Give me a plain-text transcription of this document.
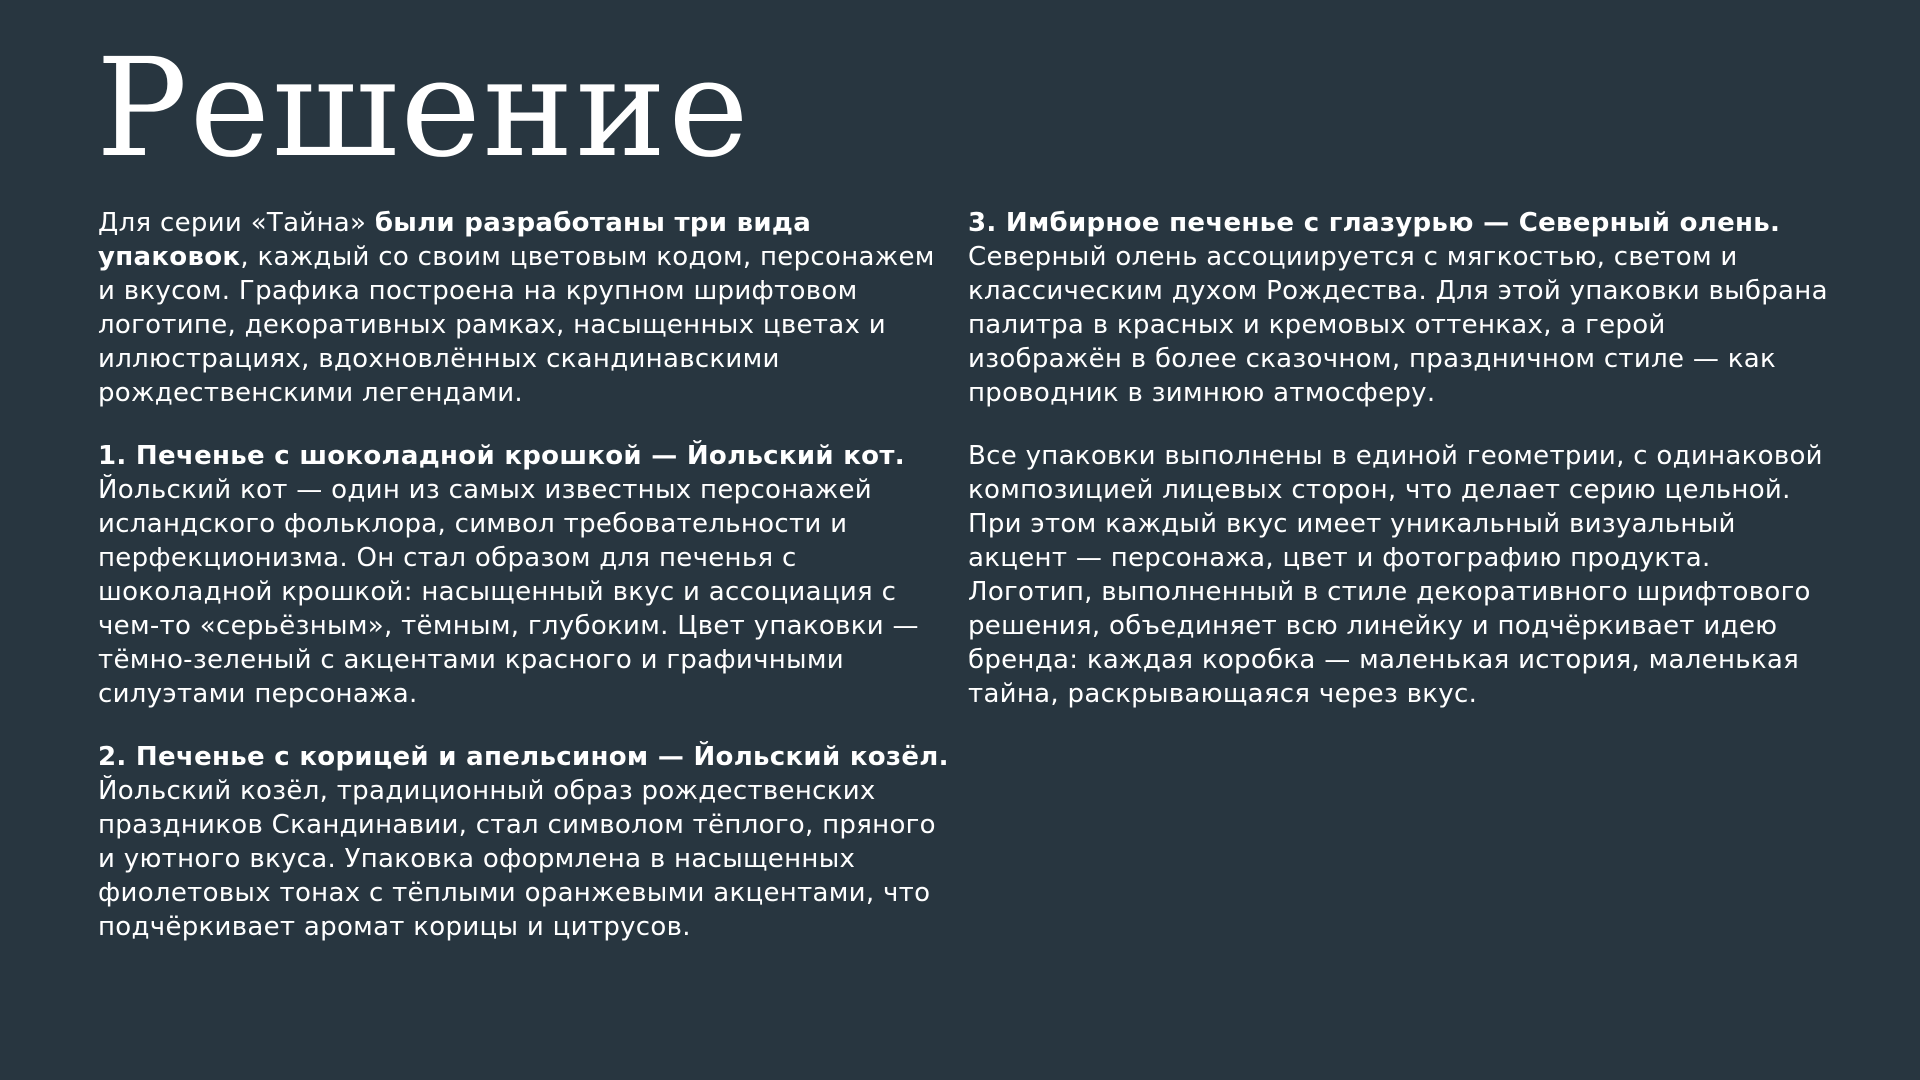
Решение

Для серии «Тайна» были разработаны три вида упаковок, каждый со своим цветовым кодом, персонажем и вкусом. Графика построена на крупном шрифтовом логотипе, декоративных рамках, насыщенных цветах и иллюстрациях, вдохновлённых скандинавскими рождественскими легендами.

1. Печенье с шоколадной крошкой — Йольский кот.
Йольский кот — один из самых известных персонажей исландского фольклора, символ требовательности и перфекционизма. Он стал образом для печенья с шоколадной крошкой: насыщенный вкус и ассоциация с чем-то «серьёзным», тёмным, глубоким. Цвет упаковки — тёмно-зеленый с акцентами красного и графичными силуэтами персонажа.

2. Печенье с корицей и апельсином — Йольский козёл.
Йольский козёл, традиционный образ рождественских праздников Скандинавии, стал символом тёплого, пряного и уютного вкуса. Упаковка оформлена в насыщенных фиолетовых тонах с тёплыми оранжевыми акцентами, что подчёркивает аромат корицы и цитрусов.

3. Имбирное печенье с глазурью — Северный олень.
Северный олень ассоциируется с мягкостью, светом и классическим духом Рождества. Для этой упаковки выбрана палитра в красных и кремовых оттенках, а герой изображён в более сказочном, праздничном стиле — как проводник в зимнюю атмосферу.

Все упаковки выполнены в единой геометрии, с одинаковой композицией лицевых сторон, что делает серию цельной. При этом каждый вкус имеет уникальный визуальный акцент — персонажа, цвет и фотографию продукта. Логотип, выполненный в стиле декоративного шрифтового решения, объединяет всю линейку и подчёркивает идею бренда: каждая коробка — маленькая история, маленькая тайна, раскрывающаяся через вкус.
